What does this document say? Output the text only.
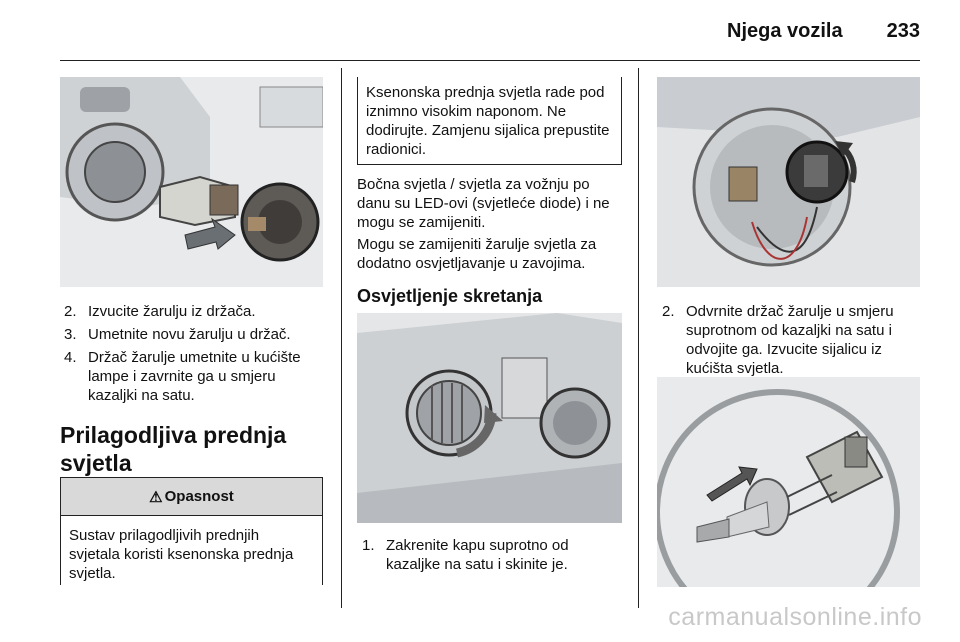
Njega vozila 233
2. Izvucite žarulju iz držača.
3. Umetnite novu žarulju u držač.
4. Držač žarulje umetnite u kućište lampe i zavrnite ga u smjeru kazaljki na satu.
Prilagodljiva prednja svjetla
⚠ Opasnost
Sustav prilagodljivih prednjih svjetala koristi ksenonska prednja svjetla.
Ksenonska prednja svjetla rade pod iznimno visokim naponom. Ne dodirujte. Zamjenu sijalica prepustite radionici.
Bočna svjetla / svjetla za vožnju po danu su LED-ovi (svjetleće diode) i ne mogu se zamijeniti.
Mogu se zamijeniti žarulje svjetla za dodatno osvjetljavanje u zavojima.
Osvjetljenje skretanja
1. Zakrenite kapu suprotno od kazaljke na satu i skinite je.
2. Odvrnite držač žarulje u smjeru suprotnom od kazaljki na satu i odvojite ga. Izvucite sijalicu iz kućišta svjetla.
carmanualsonline.info
